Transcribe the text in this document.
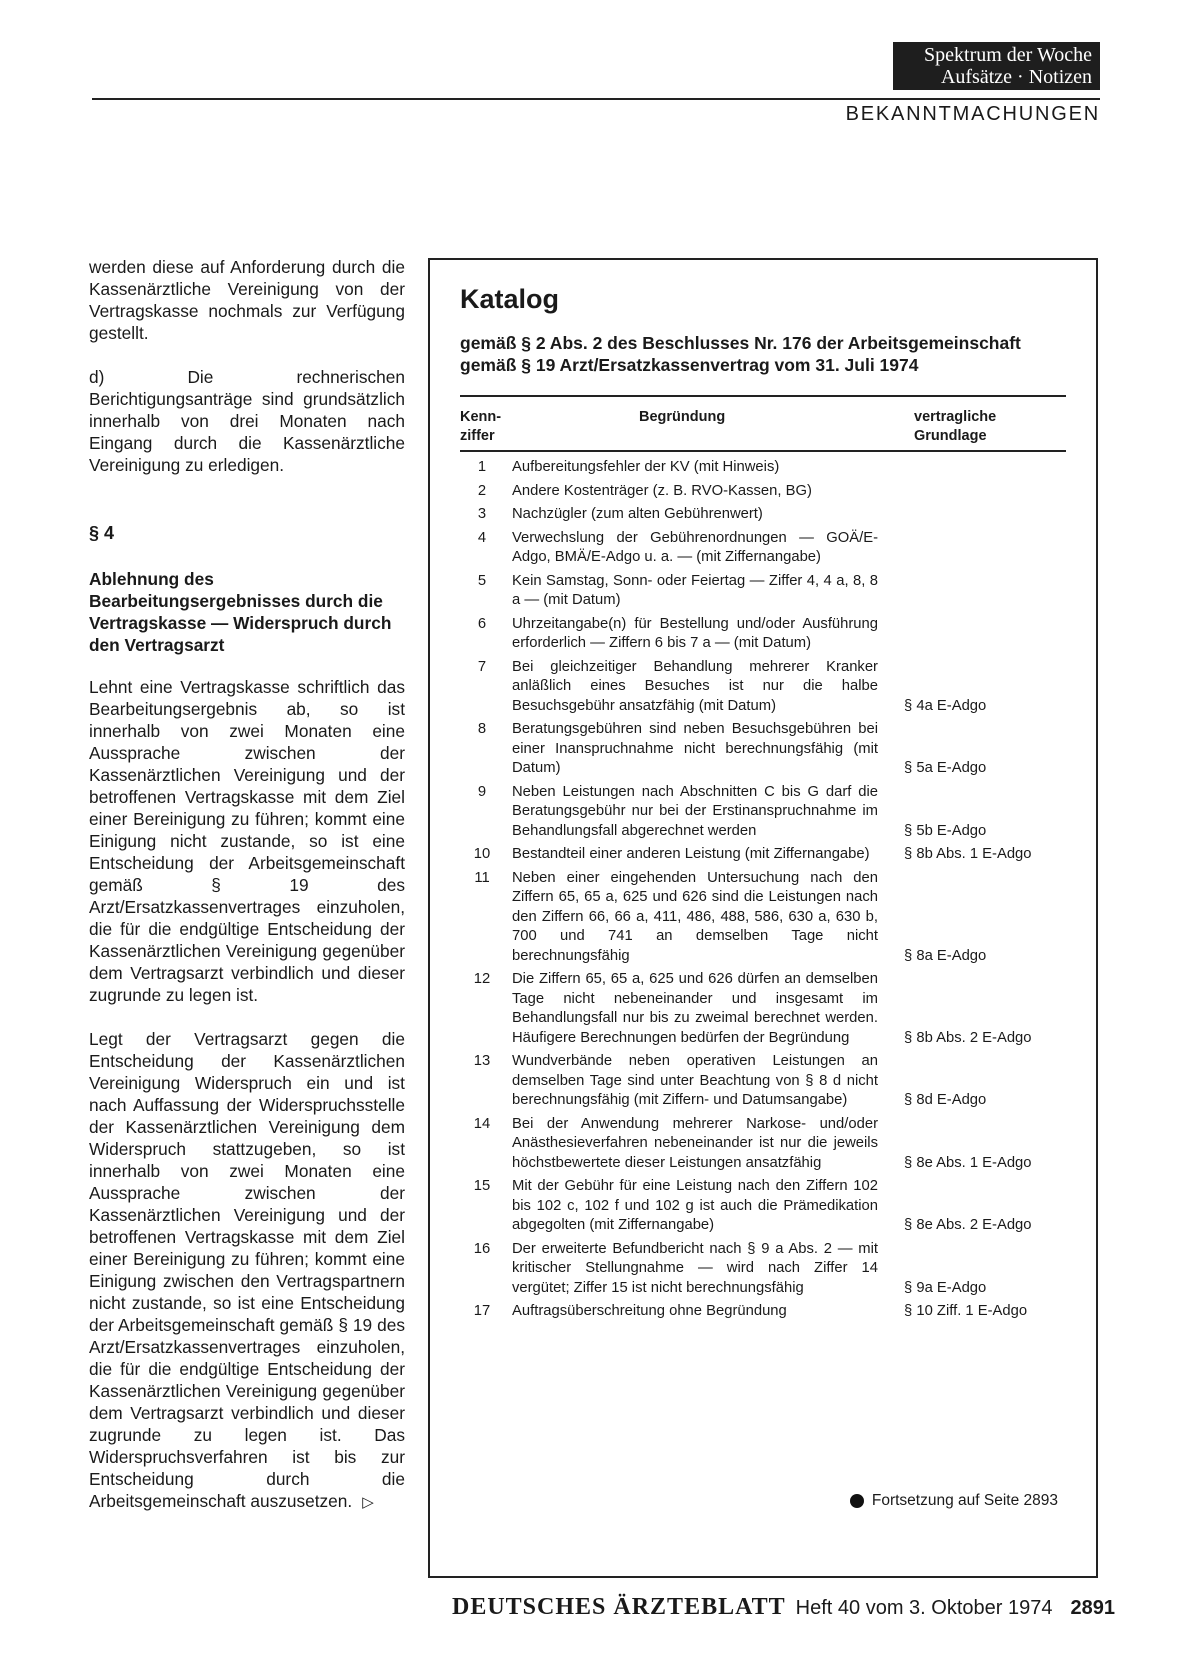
Spektrum der Woche
Aufsätze · Notizen
BEKANNTMACHUNGEN

werden diese auf Anforderung durch die Kassenärztliche Vereinigung von der Vertragskasse nochmals zur Verfügung gestellt.

d) Die rechnerischen Berichtigungsanträge sind grundsätzlich innerhalb von drei Monaten nach Eingang durch die Kassenärztliche Vereinigung zu erledigen.

§ 4
Ablehnung des Bearbeitungsergebnisses durch die Vertragskasse — Widerspruch durch den Vertragsarzt

Lehnt eine Vertragskasse schriftlich das Bearbeitungsergebnis ab, so ist innerhalb von zwei Monaten eine Aussprache zwischen der Kassenärztlichen Vereinigung und der betroffenen Vertragskasse mit dem Ziel einer Bereinigung zu führen; kommt eine Einigung nicht zustande, so ist eine Entscheidung der Arbeitsgemeinschaft gemäß § 19 des Arzt/Ersatzkassenvertrages einzuholen, die für die endgültige Entscheidung der Kassenärztlichen Vereinigung gegenüber dem Vertragsarzt verbindlich und dieser zugrunde zu legen ist.

Legt der Vertragsarzt gegen die Entscheidung der Kassenärztlichen Vereinigung Widerspruch ein und ist nach Auffassung der Widerspruchsstelle der Kassenärztlichen Vereinigung dem Widerspruch stattzugeben, so ist innerhalb von zwei Monaten eine Aussprache zwischen der Kassenärztlichen Vereinigung und der betroffenen Vertragskasse mit dem Ziel einer Bereinigung zu führen; kommt eine Einigung zwischen den Vertragspartnern nicht zustande, so ist eine Entscheidung der Arbeitsgemeinschaft gemäß § 19 des Arzt/Ersatzkassenvertrages einzuholen, die für die endgültige Entscheidung der Kassenärztlichen Vereinigung gegenüber dem Vertragsarzt verbindlich und dieser zugrunde zu legen ist. Das Widerspruchsverfahren ist bis zur Entscheidung durch die Arbeitsgemeinschaft auszusetzen. ▷

Katalog
gemäß § 2 Abs. 2 des Beschlusses Nr. 176 der Arbeitsgemeinschaft gemäß § 19 Arzt/Ersatzkassenvertrag vom 31. Juli 1974
Kenn-
ziffer
Begründung	vertragliche
Grundlage
1	Aufbereitungsfehler der KV (mit Hinweis)
2	Andere Kostenträger (z. B. RVO-Kassen, BG)
3	Nachzügler (zum alten Gebührenwert)
4	Verwechslung der Gebührenordnungen — GOÄ/E-Adgo, BMÄ/E-Adgo u. a. — (mit Ziffernangabe)
5	Kein Samstag, Sonn- oder Feiertag — Ziffer 4, 4 a, 8, 8 a — (mit Datum)
6	Uhrzeitangabe(n) für Bestellung und/oder Ausführung erforderlich — Ziffern 6 bis 7 a — (mit Datum)
7	Bei gleichzeitiger Behandlung mehrerer Kranker anläßlich eines Besuches ist nur die halbe Besuchsgebühr ansatzfähig (mit Datum)	§ 4a E-Adgo
8	Beratungsgebühren sind neben Besuchsgebühren bei einer Inanspruchnahme nicht berechnungsfähig (mit Datum)	§ 5a E-Adgo
9	Neben Leistungen nach Abschnitten C bis G darf die Beratungsgebühr nur bei der Erstinanspruchnahme im Behandlungsfall abgerechnet werden	§ 5b E-Adgo
10	Bestandteil einer anderen Leistung (mit Ziffernangabe)	§ 8b Abs. 1 E-Adgo
11	Neben einer eingehenden Untersuchung nach den Ziffern 65, 65 a, 625 und 626 sind die Leistungen nach den Ziffern 66, 66 a, 411, 486, 488, 586, 630 a, 630 b, 700 und 741 an demselben Tage nicht berechnungsfähig	§ 8a E-Adgo
12	Die Ziffern 65, 65 a, 625 und 626 dürfen an demselben Tage nicht nebeneinander und insgesamt im Behandlungsfall nur bis zu zweimal berechnet werden. Häufigere Berechnungen bedürfen der Begründung	§ 8b Abs. 2 E-Adgo
13	Wundverbände neben operativen Leistungen an demselben Tage sind unter Beachtung von § 8 d nicht berechnungsfähig (mit Ziffern- und Datumsangabe)	§ 8d E-Adgo
14	Bei der Anwendung mehrerer Narkose- und/oder Anästhesieverfahren nebeneinander ist nur die jeweils höchstbewertete dieser Leistungen ansatzfähig	§ 8e Abs. 1 E-Adgo
15	Mit der Gebühr für eine Leistung nach den Ziffern 102 bis 102 c, 102 f und 102 g ist auch die Prämedikation abgegolten (mit Ziffernangabe)	§ 8e Abs. 2 E-Adgo
16	Der erweiterte Befundbericht nach § 9 a Abs. 2 — mit kritischer Stellungnahme — wird nach Ziffer 14 vergütet; Ziffer 15 ist nicht berechnungsfähig	§ 9a E-Adgo
17	Auftragsüberschreitung ohne Begründung	§ 10 Ziff. 1 E-Adgo
Fortsetzung auf Seite 2893
DEUTSCHES ÄRZTEBLATT Heft 40 vom 3. Oktober 1974 2891
